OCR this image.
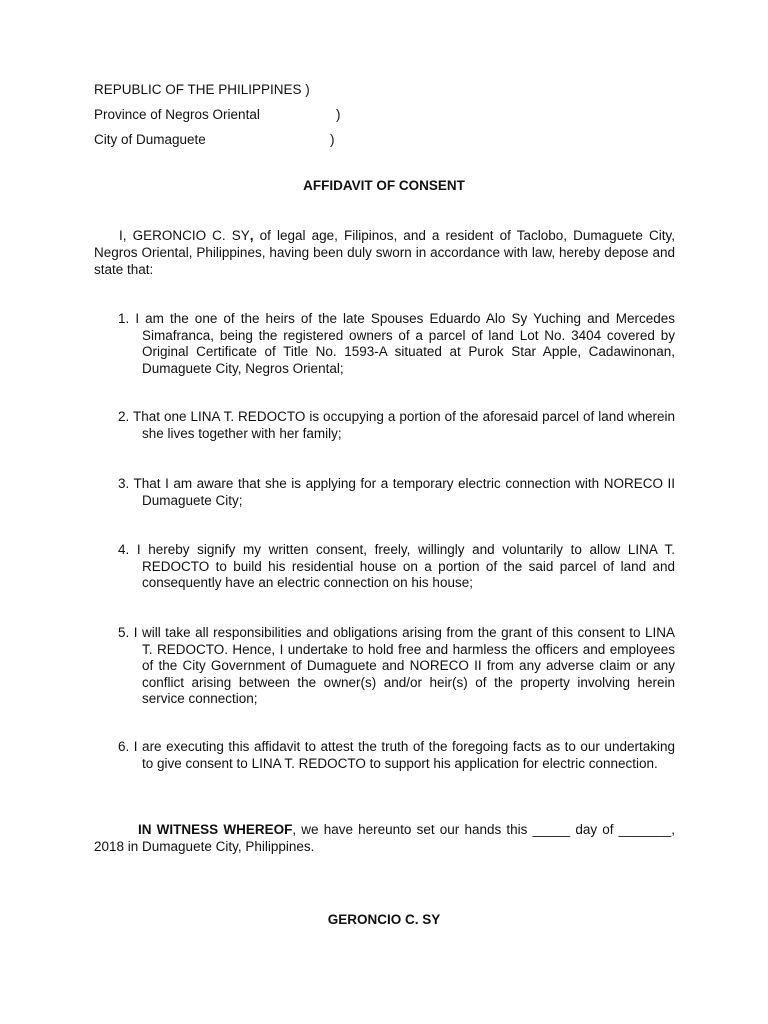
REPUBLIC OF THE PHILIPPINES )
Province of Negros Oriental	)
City of Dumaguete	)
AFFIDAVIT OF CONSENT
I, GERONCIO C. SY, of legal age, Filipinos, and a resident of Taclobo, Dumaguete City, Negros Oriental, Philippines, having been duly sworn in accordance with law, hereby depose and state that:
1. I am the one of the heirs of the late Spouses Eduardo Alo Sy Yuching and Mercedes Simafranca, being the registered owners of a parcel of land Lot No. 3404 covered by Original Certificate of Title No. 1593-A situated at Purok Star Apple, Cadawinonan, Dumaguete City, Negros Oriental;
2. That one LINA T. REDOCTO is occupying a portion of the aforesaid parcel of land wherein she lives together with her family;
3. That I am aware that she is applying for a temporary electric connection with NORECO II Dumaguete City;
4. I hereby signify my written consent, freely, willingly and voluntarily to allow LINA T. REDOCTO to build his residential house on a portion of the said parcel of land and consequently have an electric connection on his house;
5. I will take all responsibilities and obligations arising from the grant of this consent to LINA T. REDOCTO. Hence, I undertake to hold free and harmless the officers and employees of the City Government of Dumaguete and NORECO II from any adverse claim or any conflict arising between the owner(s) and/or heir(s) of the property involving herein service connection;
6. I are executing this affidavit to attest the truth of the foregoing facts as to our undertaking to give consent to LINA T. REDOCTO to support his application for electric connection.
IN WITNESS WHEREOF, we have hereunto set our hands this _____ day of _______, 2018 in Dumaguete City, Philippines.
GERONCIO C. SY
